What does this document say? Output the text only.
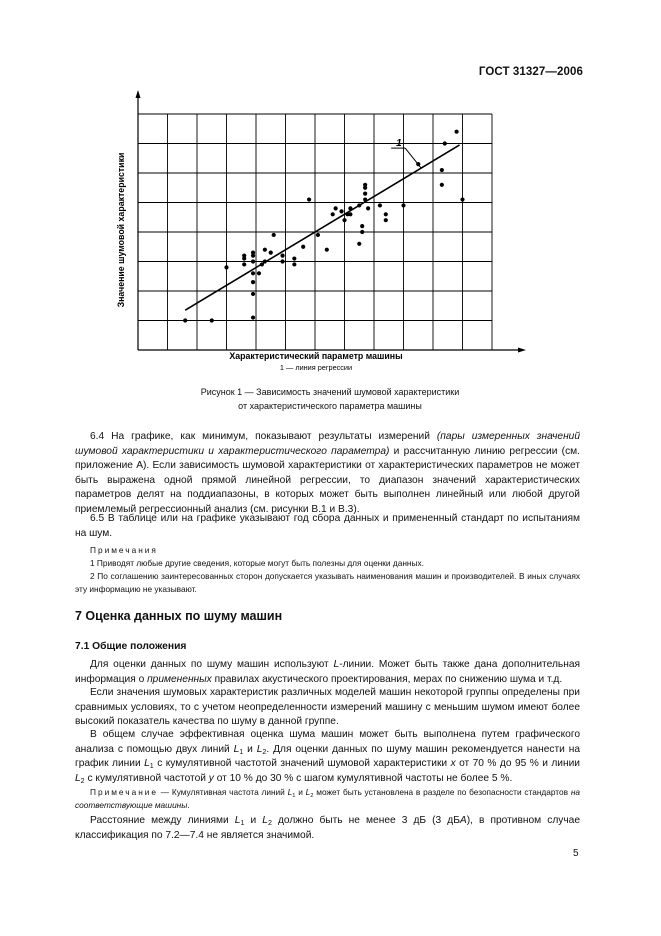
ГОСТ 31327—2006
1
Значение шумовой характеристики
Характеристический параметр машины
1 — линия регрессии
Рисунок 1 — Зависимость значений шумовой характеристики
от характеристического параметра машины
6.4 На графике, как минимум, показывают результаты измерений (пары измеренных значений шумовой характеристики и характеристического параметра) и рассчитанную линию регрессии (см. приложение А). Если зависимость шумовой характеристики от характеристических параметров не может быть выражена одной прямой линейной регрессии, то диапазон значений характеристических параметров делят на поддиапазоны, в которых может быть выполнен линейный или любой другой приемлемый регрессионный анализ (см. рисунки В.1 и В.3).
6.5 В таблице или на графике указывают год сбора данных и примененный стандарт по испытаниям на шум.
Примечания
1 Приводят любые другие сведения, которые могут быть полезны для оценки данных.
2 По соглашению заинтересованных сторон допускается указывать наименования машин и производителей. В иных случаях эту информацию не указывают.
7 Оценка данных по шуму машин
7.1 Общие положения
Для оценки данных по шуму машин используют L-линии. Может быть также дана дополнительная информация о примененных правилах акустического проектирования, мерах по снижению шума и т.д.
Если значения шумовых характеристик различных моделей машин некоторой группы определены при сравнимых условиях, то с учетом неопределенности измерений машину с меньшим шумом имеют более высокий показатель качества по шуму в данной группе.
В общем случае эффективная оценка шума машин может быть выполнена путем графического анализа с помощью двух линий $L_1$ и $L_2$. Для оценки данных по шуму машин рекомендуется нанести на график линии $L_1$ с кумулятивной частотой значений шумовой характеристики x от 70 % до 95 % и линии $L_2$ с кумулятивной частотой y от 10 % до 30 % с шагом кумулятивной частоты не более 5 %.
Примечание — Кумулятивная частота линий $L_1$ и $L_2$ может быть установлена в разделе по безопасности стандартов на соответствующие машины.
Расстояние между линиями $L_1$ и $L_2$ должно быть не менее 3 дБ (3 дБA), в противном случае классификация по 7.2—7.4 не является значимой.
5
